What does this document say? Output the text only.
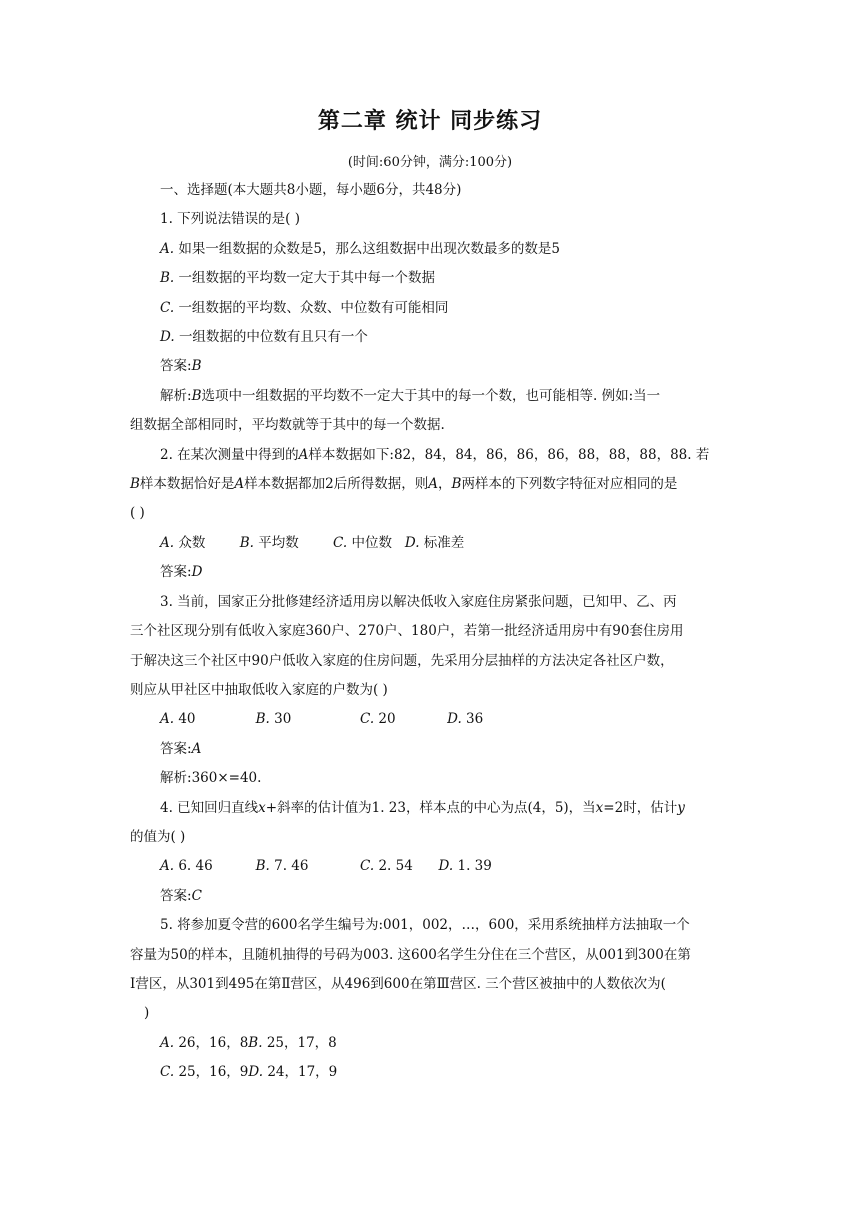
第二章 统计 同步练习
(时间:60分钟，满分:100分)

一、选择题(本大题共8小题，每小题6分，共48分)

1. 下列说法错误的是( )

A. 如果一组数据的众数是5，那么这组数据中出现次数最多的数是5

B. 一组数据的平均数一定大于其中每一个数据

C. 一组数据的平均数、众数、中位数有可能相同

D. 一组数据的中位数有且只有一个

答案:B

解析:B选项中一组数据的平均数不一定大于其中的每一个数，也可能相等. 例如:当一

组数据全部相同时，平均数就等于其中的每一个数据.

2. 在某次测量中得到的A样本数据如下:82，84，84，86，86，86，88，88，88，88. 若

B样本数据恰好是A样本数据都加2后所得数据，则A，B两样本的下列数字特征对应相同的是

( )

A. 众数	B. 平均数	C. 中位数 D. 标准差

答案:D

3. 当前，国家正分批修建经济适用房以解决低收入家庭住房紧张问题，已知甲、乙、丙

三个社区现分别有低收入家庭360户、270户、180户，若第一批经济适用房中有90套住房用

于解决这三个社区中90户低收入家庭的住房问题，先采用分层抽样的方法决定各社区户数，

则应从甲社区中抽取低收入家庭的户数为( )

A. 40	B. 30	C. 20	D. 36

答案:A

解析:360×=40.

4. 已知回归直线x+斜率的估计值为1. 23，样本点的中心为点(4，5)，当x=2时，估计y

的值为( )

A. 6. 46	B. 7. 46	C. 2. 54 D. 1. 39

答案:C

5. 将参加夏令营的600名学生编号为:001，002，…，600，采用系统抽样方法抽取一个

容量为50的样本，且随机抽得的号码为003. 这600名学生分住在三个营区，从001到300在第

Ⅰ营区，从301到495在第Ⅱ营区，从496到600在第Ⅲ营区. 三个营区被抽中的人数依次为(

)

A. 26，16，8B. 25，17，8

C. 25，16，9D. 24，17，9
